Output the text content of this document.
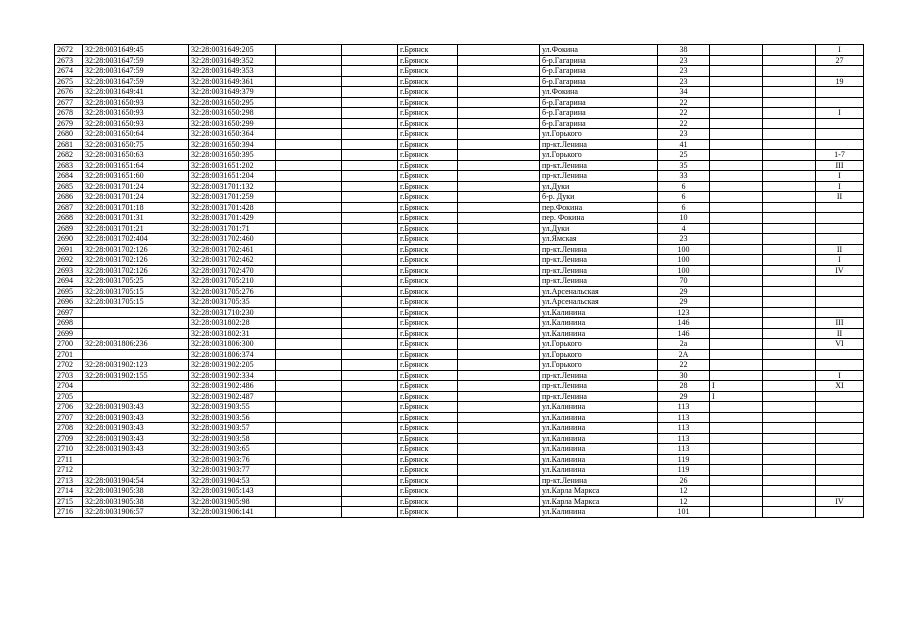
2672	32:28:0031649:45	32:28:0031649:205			г.Брянск		ул.Фокина	38			I
2673	32:28:0031647:59	32:28:0031649:352			г.Брянск		б-р.Гагарина	23			27
2674	32:28:0031647:59	32:28:0031649:353			г.Брянск		б-р.Гагарина	23			
2675	32:28:0031647:59	32:28:0031649:361			г.Брянск		б-р.Гагарина	23			19
2676	32:28:0031649:41	32:28:0031649:379			г.Брянск		ул.Фокина	34			
2677	32:28:0031650:93	32:28:0031650:295			г.Брянск		б-р.Гагарина	22			
2678	32:28:0031650:93	32:28:0031650:298			г.Брянск		б-р.Гагарина	22			I
2679	32:28:0031650:93	32:28:0031650:299			г.Брянск		б-р.Гагарина	22			
2680	32:28:0031650:64	32:28:0031650:364			г.Брянск		ул.Горького	23			
2681	32:28:0031650:75	32:28:0031650:394			г.Брянск		пр-кт.Ленина	41			
2682	32:28:0031650:63	32:28:0031650:395			г.Брянск		ул.Горького	25			1-7
2683	32:28:0031651:64	32:28:0031651:202			г.Брянск		пр-кт.Ленина	35			III
2684	32:28:0031651:60	32:28:0031651:204			г.Брянск		пр-кт.Ленина	33			I
2685	32:28:0031701:24	32:28:0031701:132			г.Брянск		ул.Дуки	6			I
2686	32:28:0031701:24	32:28:0031701:259			г.Брянск		б-р. Дуки	6			II
2687	32:28:0031701:18	32:28:0031701:428			г.Брянск		пер.Фокина	6			
2688	32:28:0031701:31	32:28:0031701:429			г.Брянск		пер. Фокина	10			
2689	32:28:0031701:21	32:28:0031701:71			г.Брянск		ул.Дуки	4			
2690	32:28:0031702:404	32:28:0031702:460			г.Брянск		ул.Ямская	23			
2691	32:28:0031702:126	32:28:0031702:461			г.Брянск		пр-кт.Ленина	100			II
2692	32:28:0031702:126	32:28:0031702:462			г.Брянск		пр-кт.Ленина	100			I
2693	32:28:0031702:126	32:28:0031702:470			г.Брянск		пр-кт.Ленина	100			IV
2694	32:28:0031705:25	32:28:0031705:210			г.Брянск		пр-кт.Ленина	70			
2695	32:28:0031705:15	32:28:0031705:276			г.Брянск		ул.Арсенальская	29			
2696	32:28:0031705:15	32:28:0031705:35			г.Брянск		ул.Арсенальская	29			
2697		32:28:0031710:230			г.Брянск		ул.Калинина	123			
2698		32:28:0031802:28			г.Брянск		ул.Калинина	146			III
2699		32:28:0031802:31			г.Брянск		ул.Калинина	146			II
2700	32:28:0031806:236	32:28:0031806:300			г.Брянск		ул.Горького	2а			VI
2701		32:28:0031806:374			г.Брянск		ул.Горького	2А			
2702	32:28:0031902:123	32:28:0031902:205			г.Брянск		ул.Горького	22			
2703	32:28:0031902:155	32:28:0031902:334			г.Брянск		пр-кт.Ленина	30			I
2704		32:28:0031902:486			г.Брянск		пр-кт.Ленина	28	I		XI
2705		32:28:0031902:487			г.Брянск		пр-кт.Ленина	29	I		
2706	32:28:0031903:43	32:28:0031903:55			г.Брянск		ул.Калинина	113			
2707	32:28:0031903:43	32:28:0031903:56			г.Брянск		ул.Калинина	113			
2708	32:28:0031903:43	32:28:0031903:57			г.Брянск		ул.Калинина	113			
2709	32:28:0031903:43	32:28:0031903:58			г.Брянск		ул.Калинина	113			
2710	32:28:0031903:43	32:28:0031903:65			г.Брянск		ул.Калинина	113			
2711		32:28:0031903:76			г.Брянск		ул.Калинина	119			
2712		32:28:0031903:77			г.Брянск		ул.Калинина	119			
2713	32:28:0031904:54	32:28:0031904:53			г.Брянск		пр-кт.Ленина	26			
2714	32:28:0031905:38	32:28:0031905:143			г.Брянск		ул.Карла Маркса	12			
2715	32:28:0031905:38	32:28:0031905:98			г.Брянск		ул.Карла Маркса	12			IV
2716	32:28:0031906:57	32:28:0031906:141			г.Брянск		ул.Калинина	101			
